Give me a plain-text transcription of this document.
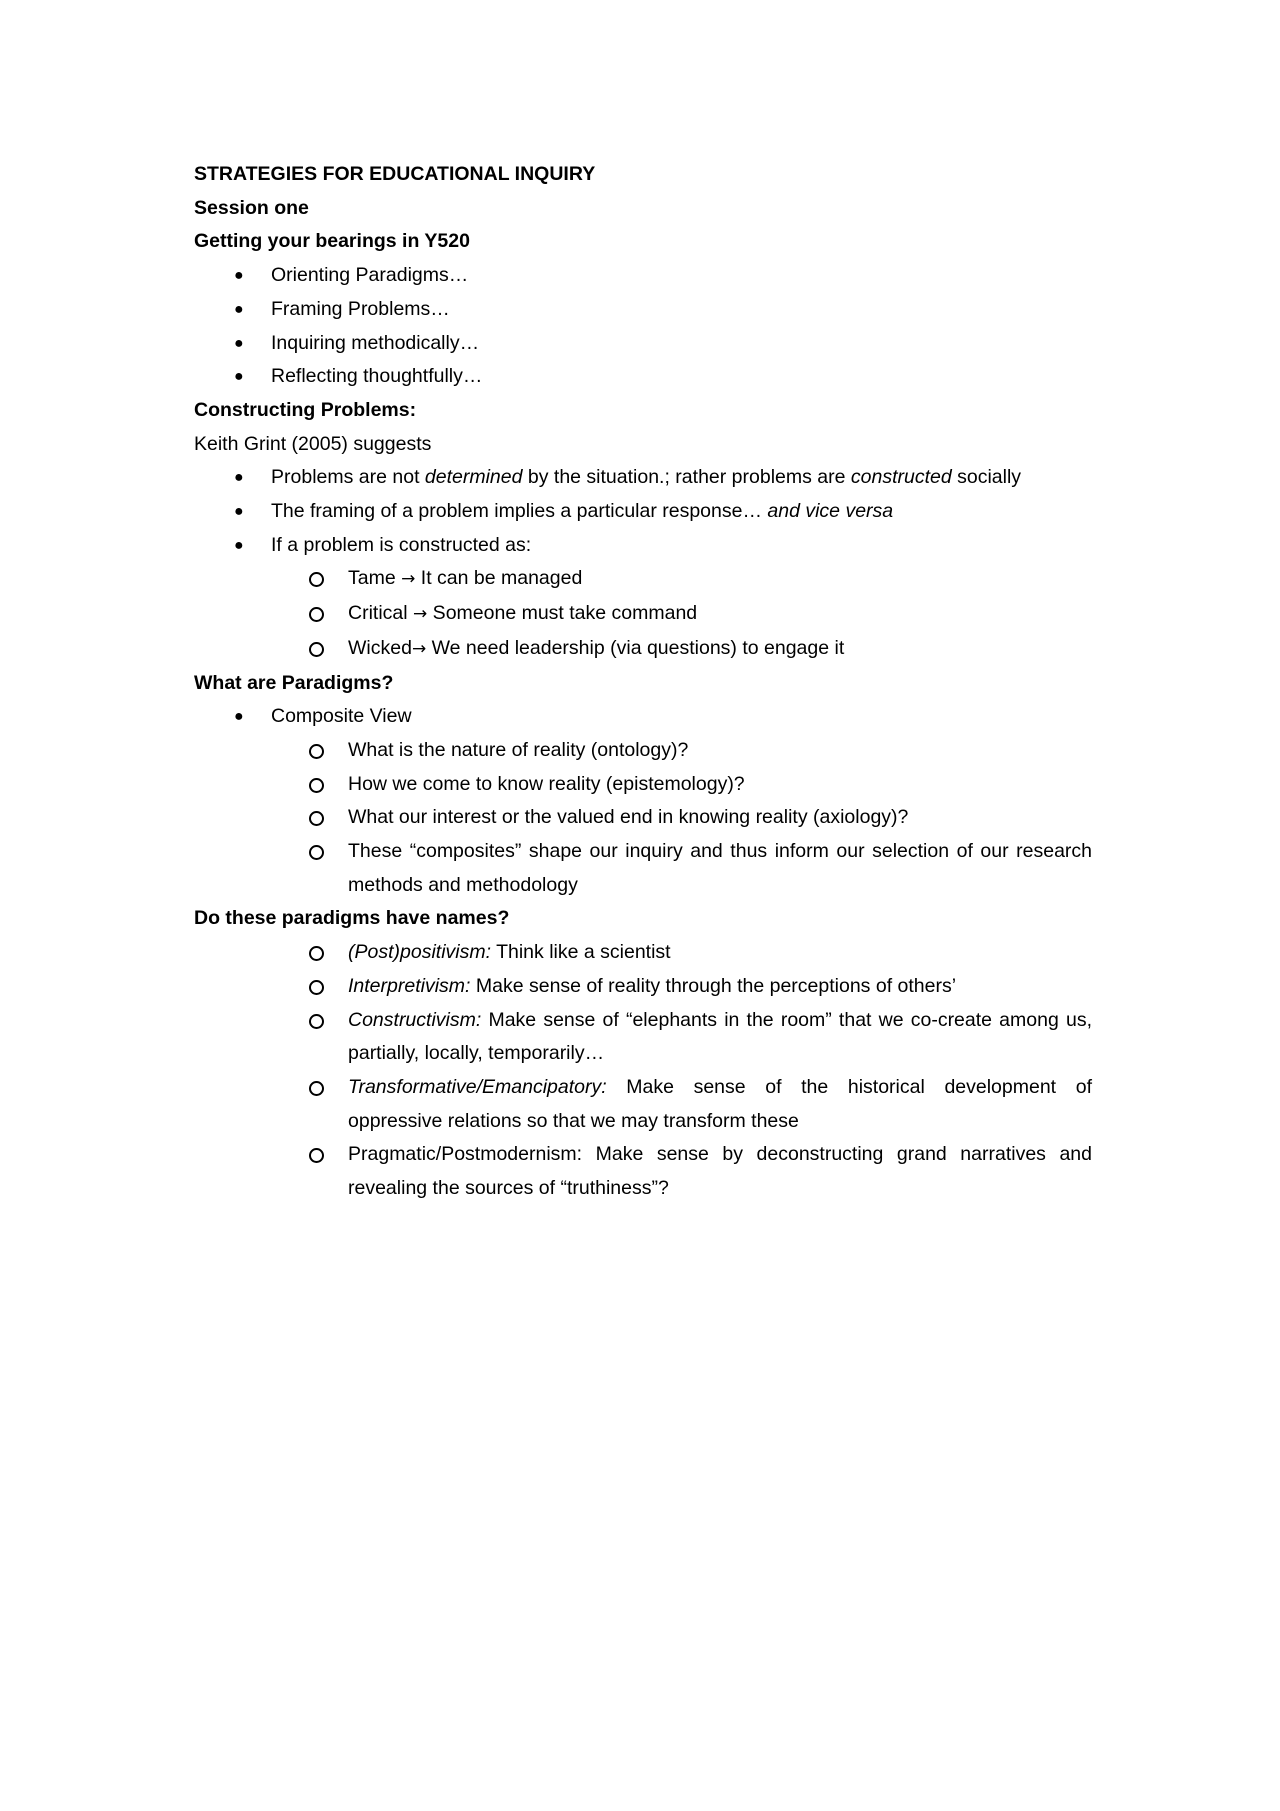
STRATEGIES FOR EDUCATIONAL INQUIRY
Session one
Getting your bearings in Y520
● Orienting Paradigms…
● Framing Problems…
● Inquiring methodically…
● Reflecting thoughtfully…
Constructing Problems:
Keith Grint (2005) suggests
● Problems are not determined by the situation.; rather problems are constructed socially
● The framing of a problem implies a particular response… and vice versa
● If a problem is constructed as:
Tame → It can be managed
Critical → Someone must take command
Wicked→ We need leadership (via questions) to engage it
What are Paradigms?
● Composite View
What is the nature of reality (ontology)?
How we come to know reality (epistemology)?
What our interest or the valued end in knowing reality (axiology)?
These “composites” shape our inquiry and thus inform our selection of our research methods and methodology
Do these paradigms have names?
(Post)positivism: Think like a scientist
Interpretivism: Make sense of reality through the perceptions of others’
Constructivism: Make sense of “elephants in the room” that we co-create among us, partially, locally, temporarily…
Transformative/Emancipatory: Make sense of the historical development of oppressive relations so that we may transform these
Pragmatic/Postmodernism: Make sense by deconstructing grand narratives and revealing the sources of “truthiness”?
